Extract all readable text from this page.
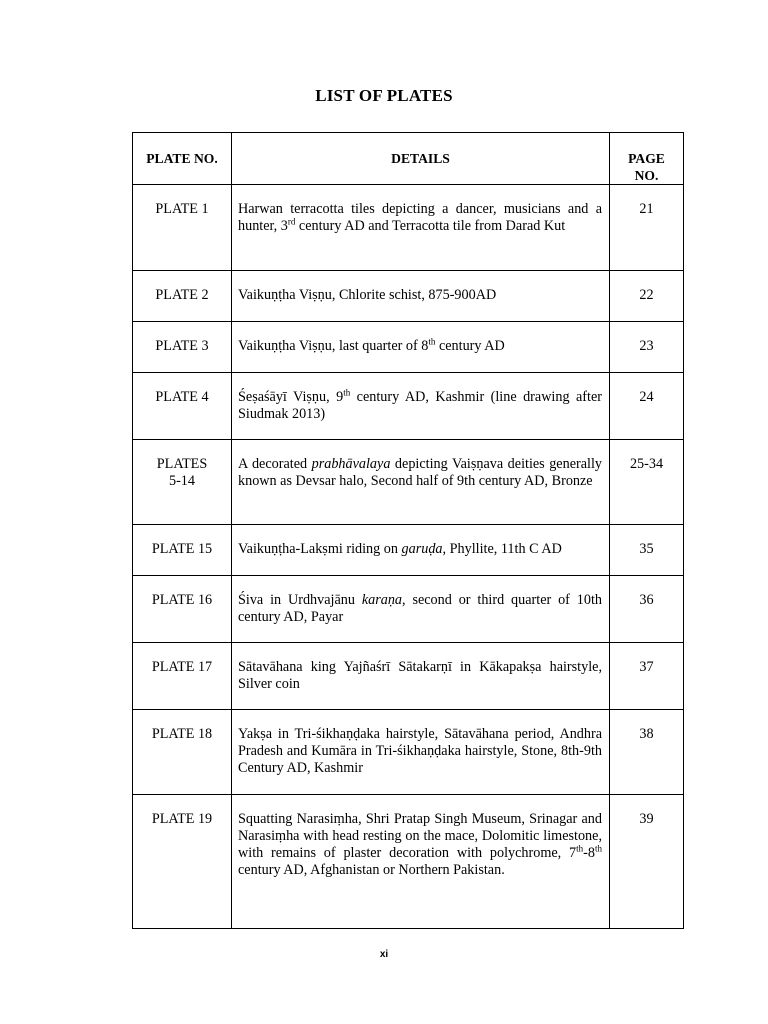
LIST OF PLATES
PLATE NO.	DETAILS	PAGE
NO.
PLATE 1	Harwan terracotta tiles depicting a dancer, musicians and a hunter, 3rd century AD and Terracotta tile from Darad Kut	21
PLATE 2	Vaikuṇṭha Viṣṇu, Chlorite schist, 875-900AD	22
PLATE 3	Vaikuṇṭha Viṣṇu, last quarter of 8th century AD	23
PLATE 4	Śeṣaśāyī Viṣṇu, 9th century AD, Kashmir (line drawing after Siudmak 2013)	24
PLATES
5-14	A decorated prabhāvalaya depicting Vaiṣṇava deities generally known as Devsar halo, Second half of 9th century AD, Bronze	25-34
PLATE 15	Vaikuṇṭha-Lakṣmi riding on garuḍa, Phyllite, 11th C AD	35
PLATE 16	Śiva in Urdhvajānu karaṇa, second or third quarter of 10th century AD, Payar	36
PLATE 17	Sātavāhana king Yajñaśrī Sātakarṇī in Kākapakṣa hairstyle, Silver coin	37
PLATE 18	Yakṣa in Tri-śikhaṇḍaka hairstyle, Sātavāhana period, Andhra Pradesh and Kumāra in Tri-śikhaṇḍaka hairstyle, Stone, 8th-9th Century AD, Kashmir	38
PLATE 19	Squatting Narasiṃha, Shri Pratap Singh Museum, Srinagar and Narasiṃha with head resting on the mace, Dolomitic limestone, with remains of plaster decoration with polychrome, 7th-8th century AD, Afghanistan or Northern Pakistan.	39
xi
